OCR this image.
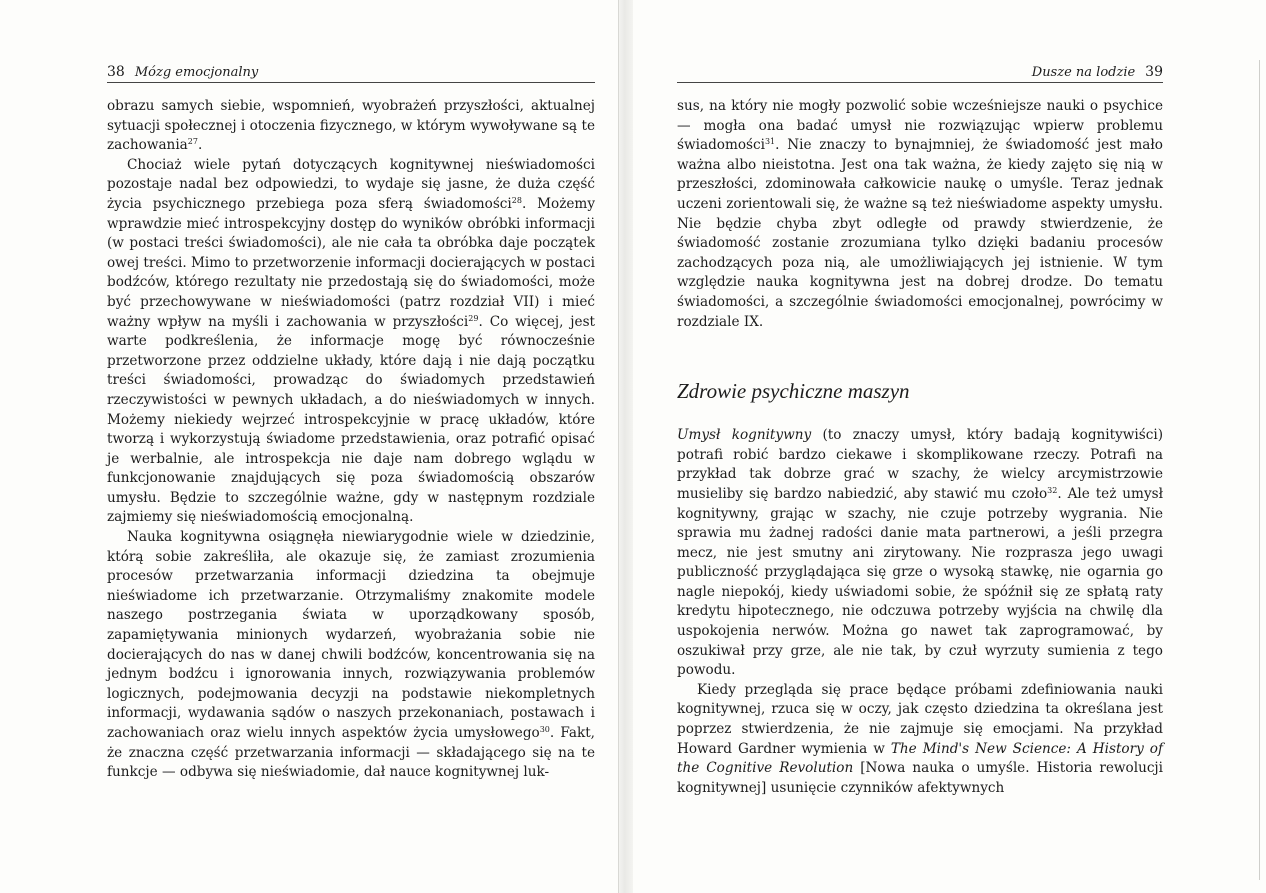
38 Mózg emocjonalny

obrazu samych siebie, wspomnień, wyobrażeń przyszłości, aktualnej sytuacji społecznej i otoczenia fizycznego, w którym wywoływane są te zachowania$^{27}$.

Chociaż wiele pytań dotyczących kognitywnej nieświadomości pozostaje nadal bez odpowiedzi, to wydaje się jasne, że duża część życia psychicznego przebiega poza sferą świadomości$^{28}$. Możemy wprawdzie mieć introspekcyjny dostęp do wyników obróbki informacji (w postaci treści świadomości), ale nie cała ta obróbka daje początek owej treści. Mimo to przetworzenie informacji docierających w postaci bodźców, którego rezultaty nie przedostają się do świadomości, może być przechowywane w nieświadomości (patrz rozdział VII) i mieć ważny wpływ na myśli i zachowania w przyszłości$^{29}$. Co więcej, jest warte podkreślenia, że informacje mogę być równocześnie przetworzone przez oddzielne układy, które dają i nie dają początku treści świadomości, prowadząc do świadomych przedstawień rzeczywistości w pewnych układach, a do nieświadomych w innych. Możemy niekiedy wejrzeć introspekcyjnie w pracę układów, które tworzą i wykorzystują świadome przedstawienia, oraz potrafić opisać je werbalnie, ale introspekcja nie daje nam dobrego wglądu w funkcjonowanie znajdujących się poza świadomością obszarów umysłu. Będzie to szczególnie ważne, gdy w następnym rozdziale zajmiemy się nieświadomością emocjonalną.

Nauka kognitywna osiągnęła niewiarygodnie wiele w dziedzinie, którą sobie zakreśliła, ale okazuje się, że zamiast zrozumienia procesów przetwarzania informacji dziedzina ta obejmuje nieświadome ich przetwarzanie. Otrzymaliśmy znakomite modele naszego postrzegania świata w uporządkowany sposób, zapamiętywania minionych wydarzeń, wyobrażania sobie nie docierających do nas w danej chwili bodźców, koncentrowania się na jednym bodźcu i ignorowania innych, rozwiązywania problemów logicznych, podejmowania decyzji na podstawie niekompletnych informacji, wydawania sądów o naszych przekonaniach, postawach i zachowaniach oraz wielu innych aspektów życia umysłowego$^{30}$. Fakt, że znaczna część przetwarzania informacji — składającego się na te funkcje — odbywa się nieświadomie, dał nauce kognitywnej luk-

Dusze na lodzie 39

sus, na który nie mogły pozwolić sobie wcześniejsze nauki o psychice — mogła ona badać umysł nie rozwiązując wpierw problemu świadomości$^{31}$. Nie znaczy to bynajmniej, że świadomość jest mało ważna albo nieistotna. Jest ona tak ważna, że kiedy zajęto się nią w przeszłości, zdominowała całkowicie naukę o umyśle. Teraz jednak uczeni zorientowali się, że ważne są też nieświadome aspekty umysłu. Nie będzie chyba zbyt odległe od prawdy stwierdzenie, że świadomość zostanie zrozumiana tylko dzięki badaniu procesów zachodzących poza nią, ale umożliwiających jej istnienie. W tym względzie nauka kognitywna jest na dobrej drodze. Do tematu świadomości, a szczególnie świadomości emocjonalnej, powrócimy w rozdziale IX.

Zdrowie psychiczne maszyn

Umysł kognitywny (to znaczy umysł, który badają kognitywiści) potrafi robić bardzo ciekawe i skomplikowane rzeczy. Potrafi na przykład tak dobrze grać w szachy, że wielcy arcymistrzowie musieliby się bardzo nabiedzić, aby stawić mu czoło$^{32}$. Ale też umysł kognitywny, grając w szachy, nie czuje potrzeby wygrania. Nie sprawia mu żadnej radości danie mata partnerowi, a jeśli przegra mecz, nie jest smutny ani zirytowany. Nie rozprasza jego uwagi publiczność przyglądająca się grze o wysoką stawkę, nie ogarnia go nagle niepokój, kiedy uświadomi sobie, że spóźnił się ze spłatą raty kredytu hipotecznego, nie odczuwa potrzeby wyjścia na chwilę dla uspokojenia nerwów. Można go nawet tak zaprogramować, by oszukiwał przy grze, ale nie tak, by czuł wyrzuty sumienia z tego powodu.

Kiedy przegląda się prace będące próbami zdefiniowania nauki kognitywnej, rzuca się w oczy, jak często dziedzina ta określana jest poprzez stwierdzenia, że nie zajmuje się emocjami. Na przykład Howard Gardner wymienia w The Mind's New Science: A History of the Cognitive Revolution [Nowa nauka o umyśle. Historia rewolucji kognitywnej] usunięcie czynników afektywnych
